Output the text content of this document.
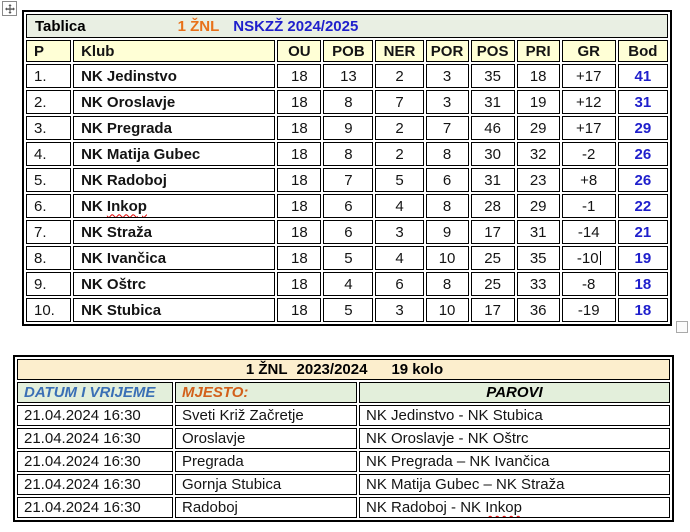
Tablica 1 ŽNL NSKZŽ 2024/2025									

P	Klub	OU	POB	NER	POR	POS	PRI	GR	Bod
1.	NK Jedinstvo	18	13	2	3	35	18	+17	41
2.	NK Oroslavje	18	8	7	3	31	19	+12	31
3.	NK Pregrada	18	9	2	7	46	29	+17	29
4.	NK Matija Gubec	18	8	2	8	30	32	-2	26
5.	NK Radoboj	18	7	5	6	31	23	+8	26
6.	NK Inkop	18	6	4	8	28	29	-1	22
7.	NK Straža	18	6	3	9	17	31	-14	21
8.	NK Ivančica	18	5	4	10	25	35	-10	19
9.	NK Oštrc	18	4	6	8	25	33	-8	18
10.	NK Stubica	18	5	3	10	17	36	-19	18
1 ŽNL 2023/2024 19 kolo		

DATUM I VRIJEME	MJESTO:	PAROVI
21.04.2024 16:30	Sveti Križ Začretje	NK Jedinstvo - NK Stubica
21.04.2024 16:30	Oroslavje	NK Oroslavje - NK Oštrc
21.04.2024 16:30	Pregrada	NK Pregrada – NK Ivančica
21.04.2024 16:30	Gornja Stubica	NK Matija Gubec – NK Straža
21.04.2024 16:30	Radoboj	NK Radoboj - NK Inkop
